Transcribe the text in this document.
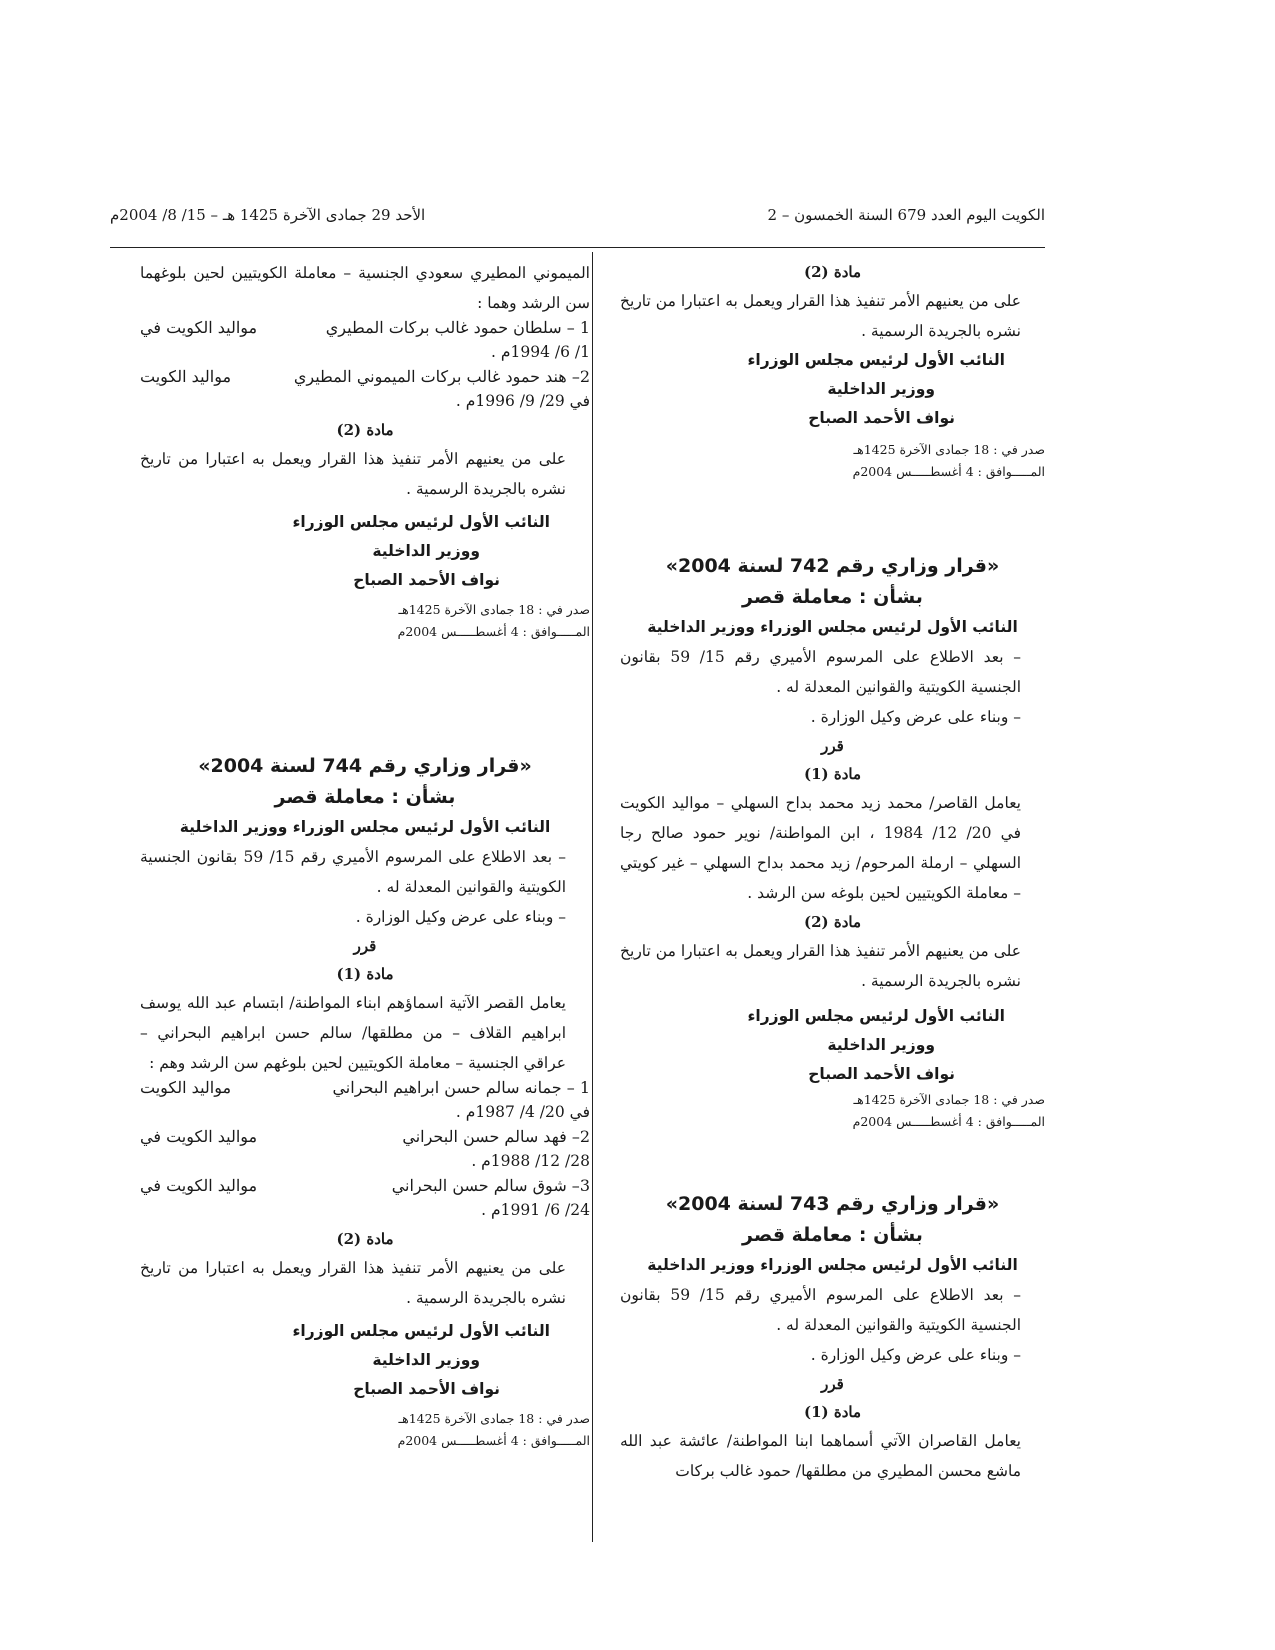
الكويت اليوم العدد 679 السنة الخمسون – 2
الأحد 29 جمادى الآخرة 1425 هـ – 15/ 8/ 2004م
مادة (2)

على من يعنيهم الأمر تنفيذ هذا القرار ويعمل به اعتبارا من تاريخ نشره بالجريدة الرسمية .

النائب الأول لرئيس مجلس الوزراء
ووزير الداخلية
نواف الأحمد الصباح
صدر في : 18 جمادى الآخرة 1425هـ
المـــــوافق : 4 أغسطـــــس 2004م
«قرار وزاري رقم 742 لسنة 2004»
بشأن : معاملة قصر
النائب الأول لرئيس مجلس الوزراء ووزير الداخلية

– بعد الاطلاع على المرسوم الأميري رقم 15/ 59 بقانون الجنسية الكويتية والقوانين المعدلة له .

– وبناء على عرض وكيل الوزارة .

قرر
مادة (1)

يعامل القاصر/ محمد زيد محمد بداح السهلي – مواليد الكويت في 20/ 12/ 1984 ، ابن المواطنة/ نوير حمود صالح رجا السهلي – ارملة المرحوم/ زيد محمد بداح السهلي – غير كويتي – معاملة الكويتيين لحين بلوغه سن الرشد .

مادة (2)

على من يعنيهم الأمر تنفيذ هذا القرار ويعمل به اعتبارا من تاريخ نشره بالجريدة الرسمية .

النائب الأول لرئيس مجلس الوزراء
ووزير الداخلية
نواف الأحمد الصباح
صدر في : 18 جمادى الآخرة 1425هـ
المـــــوافق : 4 أغسطـــــس 2004م
«قرار وزاري رقم 743 لسنة 2004»
بشأن : معاملة قصر
النائب الأول لرئيس مجلس الوزراء ووزير الداخلية

– بعد الاطلاع على المرسوم الأميري رقم 15/ 59 بقانون الجنسية الكويتية والقوانين المعدلة له .

– وبناء على عرض وكيل الوزارة .

قرر
مادة (1)

يعامل القاصران الآتي أسماهما ابنا المواطنة/ عائشة عبد الله ماشع محسن المطيري من مطلقها/ حمود غالب بركات

الميموني المطيري سعودي الجنسية – معاملة الكويتيين لحين بلوغهما سن الرشد وهما :

1 – سلطان حمود غالب بركات المطيري
مواليد الكويت في

1/ 6/ 1994م .

2– هند حمود غالب بركات الميموني المطيري
مواليد الكويت

في 29/ 9/ 1996م .

مادة (2)

على من يعنيهم الأمر تنفيذ هذا القرار ويعمل به اعتبارا من تاريخ نشره بالجريدة الرسمية .

النائب الأول لرئيس مجلس الوزراء
ووزير الداخلية
نواف الأحمد الصباح
صدر في : 18 جمادى الآخرة 1425هـ
المـــــوافق : 4 أغسطـــــس 2004م
«قرار وزاري رقم 744 لسنة 2004»
بشأن : معاملة قصر
النائب الأول لرئيس مجلس الوزراء ووزير الداخلية

– بعد الاطلاع على المرسوم الأميري رقم 15/ 59 بقانون الجنسية الكويتية والقوانين المعدلة له .

– وبناء على عرض وكيل الوزارة .

قرر
مادة (1)

يعامل القصر الآتية اسماؤهم ابناء المواطنة/ ابتسام عبد الله يوسف ابراهيم القلاف – من مطلقها/ سالم حسن ابراهيم البحراني – عراقي الجنسية – معاملة الكويتيين لحين بلوغهم سن الرشد وهم :

1 – جمانه سالم حسن ابراهيم البحراني
مواليد الكويت

في 20/ 4/ 1987م .

2– فهد سالم حسن البحراني
مواليد الكويت في

28/ 12/ 1988م .

3– شوق سالم حسن البحراني
مواليد الكويت في

24/ 6/ 1991م .

مادة (2)

على من يعنيهم الأمر تنفيذ هذا القرار ويعمل به اعتبارا من تاريخ نشره بالجريدة الرسمية .

النائب الأول لرئيس مجلس الوزراء
ووزير الداخلية
نواف الأحمد الصباح
صدر في : 18 جمادى الآخرة 1425هـ
المـــــوافق : 4 أغسطـــــس 2004م
